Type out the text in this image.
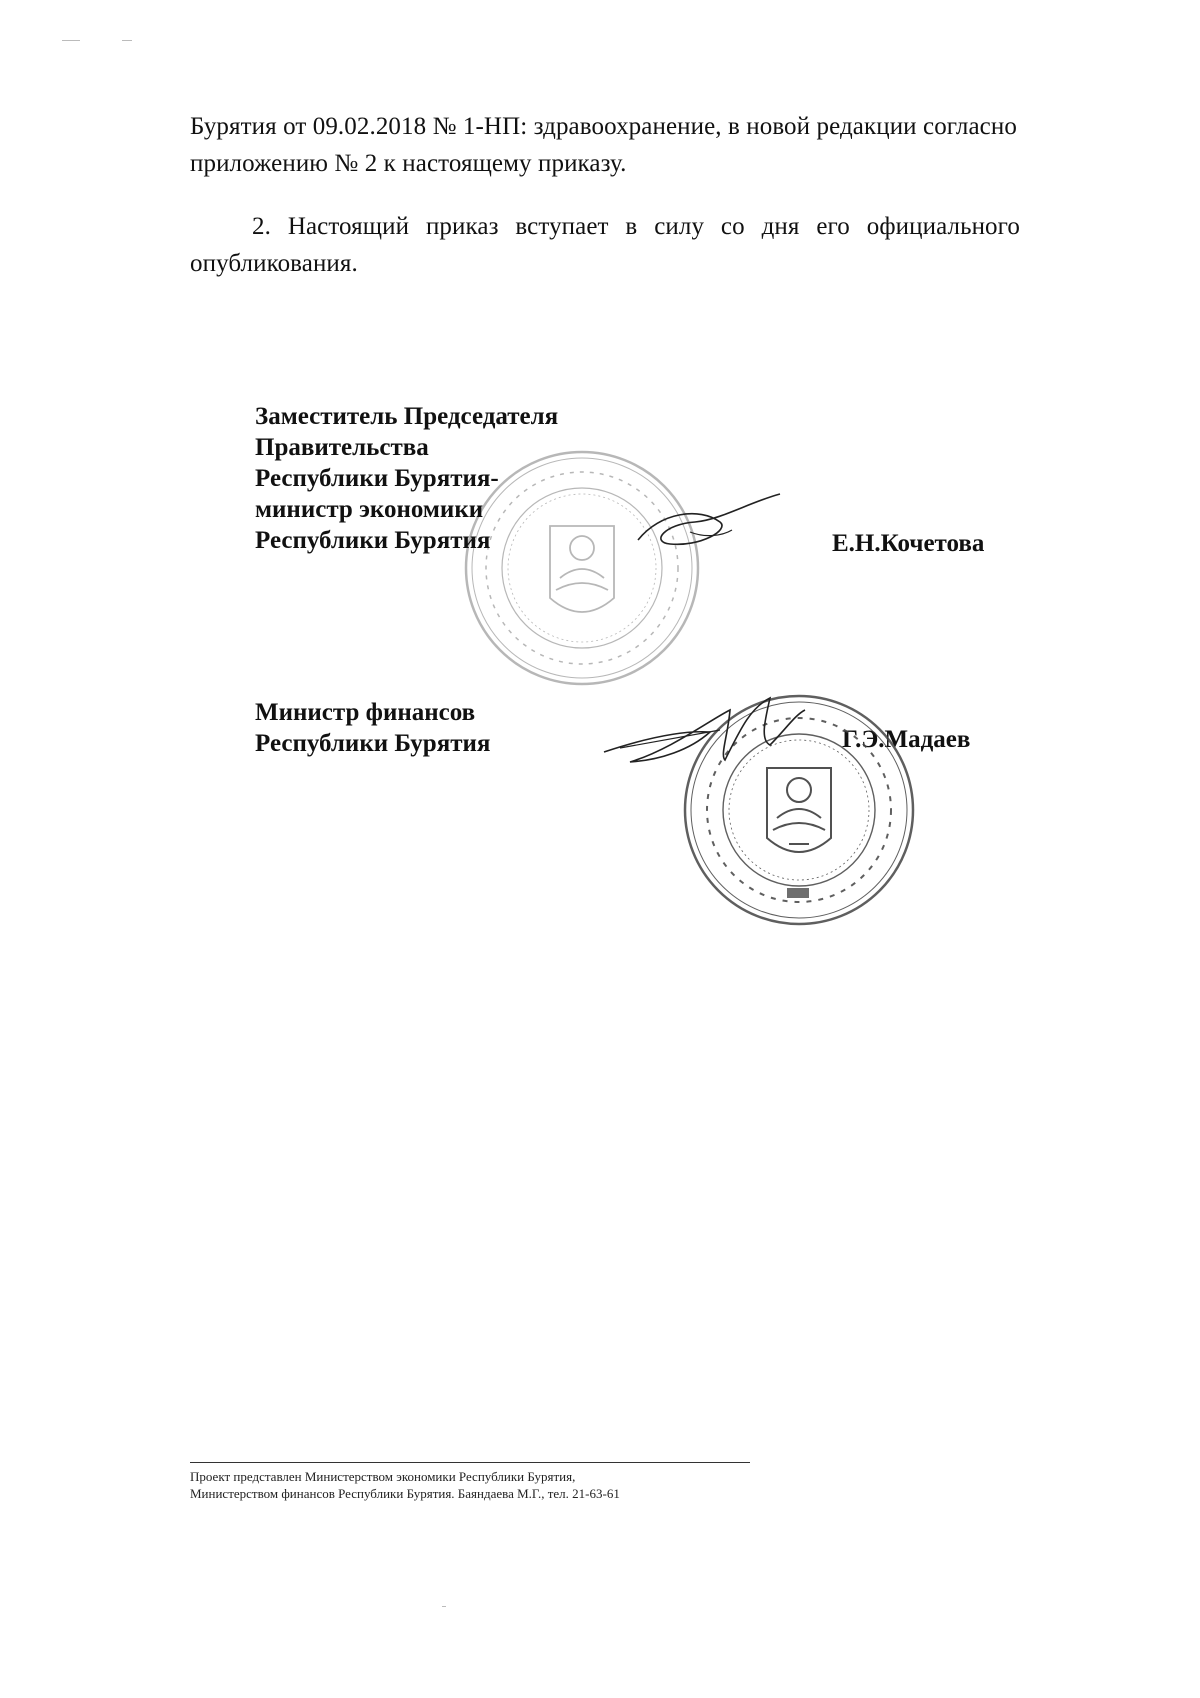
Бурятия от 09.02.2018 № 1-НП: здравоохранение, в новой редакции согласно приложению № 2 к настоящему приказу.
2. Настоящий приказ вступает в силу со дня его официального
опубликования.
Заместитель Председателя
Правительства
Республики Бурятия-
министр экономики
Республики Бурятия	Е.Н.Кочетова
Министр финансов
Республики Бурятия	Г.Э.Мадаев
Проект представлен Министерством экономики Республики Бурятия,
Министерством финансов Республики Бурятия. Баяндаева М.Г., тел. 21-63-61
